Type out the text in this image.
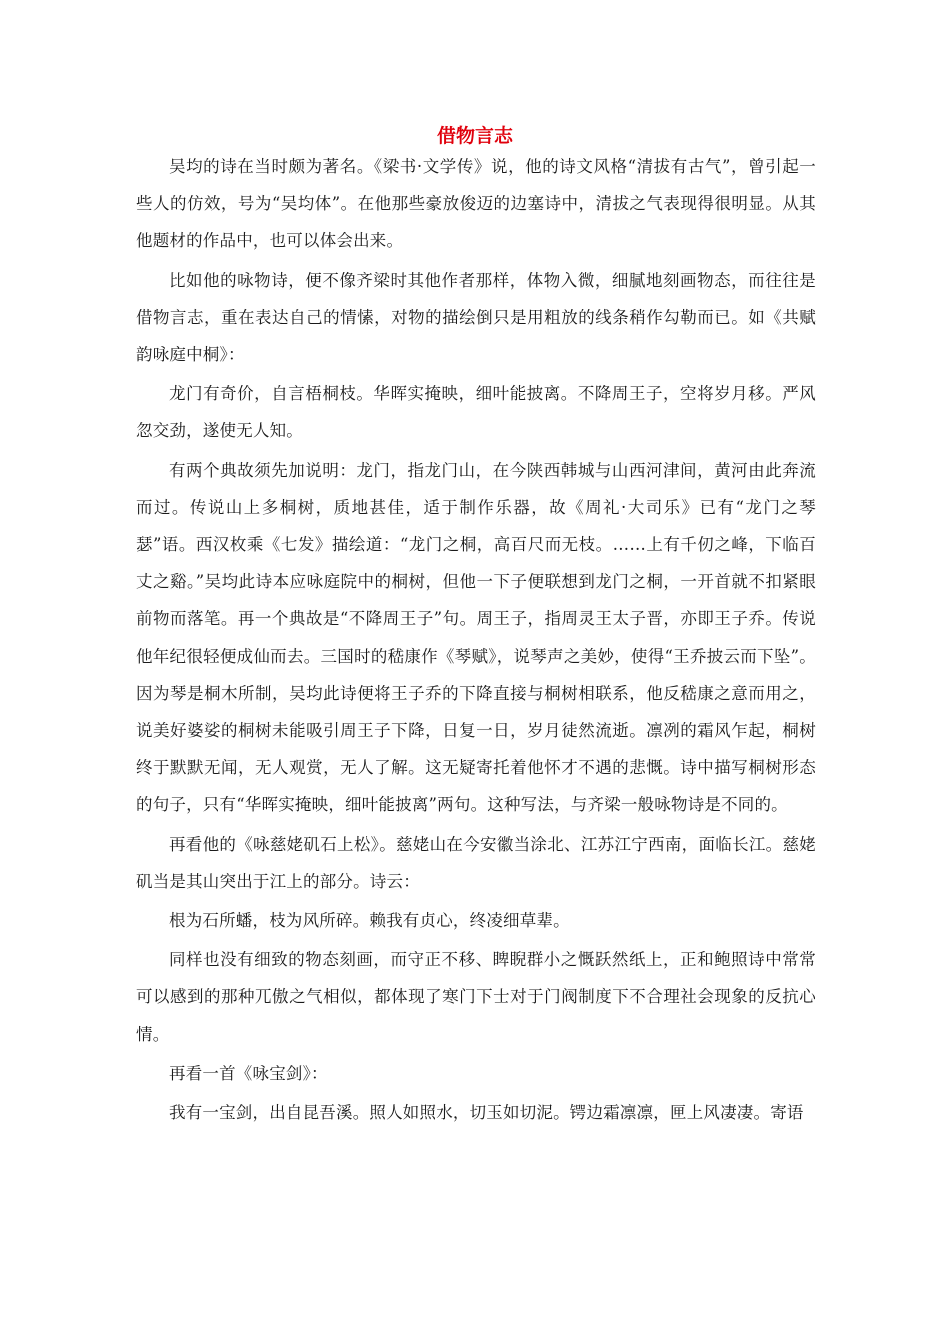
借物言志

吴均的诗在当时颇为著名。《梁书·文学传》说，他的诗文风格“清拔有古气”，曾引起一些人的仿效，号为“吴均体”。在他那些豪放俊迈的边塞诗中，清拔之气表现得很明显。从其他题材的作品中，也可以体会出来。

比如他的咏物诗，便不像齐梁时其他作者那样，体物入微，细腻地刻画物态，而往往是借物言志，重在表达自己的情愫，对物的描绘倒只是用粗放的线条稍作勾勒而已。如《共赋韵咏庭中桐》：

龙门有奇价，自言梧桐枝。华晖实掩映，细叶能披离。不降周王子，空将岁月移。严风忽交劲，遂使无人知。

有两个典故须先加说明：龙门，指龙门山，在今陕西韩城与山西河津间，黄河由此奔流而过。传说山上多桐树，质地甚佳，适于制作乐器，故《周礼·大司乐》已有“龙门之琴瑟”语。西汉枚乘《七发》描绘道：“龙门之桐，高百尺而无枝。……上有千仞之峰，下临百丈之谿。”吴均此诗本应咏庭院中的桐树，但他一下子便联想到龙门之桐，一开首就不扣紧眼前物而落笔。再一个典故是“不降周王子”句。周王子，指周灵王太子晋，亦即王子乔。传说他年纪很轻便成仙而去。三国时的嵇康作《琴赋》，说琴声之美妙，使得“王乔披云而下坠”。因为琴是桐木所制，吴均此诗便将王子乔的下降直接与桐树相联系，他反嵇康之意而用之，说美好婆娑的桐树未能吸引周王子下降，日复一日，岁月徒然流逝。凛冽的霜风乍起，桐树终于默默无闻，无人观赏，无人了解。这无疑寄托着他怀才不遇的悲慨。诗中描写桐树形态的句子，只有“华晖实掩映，细叶能披离”两句。这种写法，与齐梁一般咏物诗是不同的。

再看他的《咏慈姥矶石上松》。慈姥山在今安徽当涂北、江苏江宁西南，面临长江。慈姥矶当是其山突出于江上的部分。诗云：

根为石所蟠，枝为风所碎。赖我有贞心，终凌细草辈。

同样也没有细致的物态刻画，而守正不移、睥睨群小之慨跃然纸上，正和鲍照诗中常常可以感到的那种兀傲之气相似，都体现了寒门下士对于门阀制度下不合理社会现象的反抗心情。

再看一首《咏宝剑》：

我有一宝剑，出自昆吾溪。照人如照水，切玉如切泥。锷边霜凛凛，匣上风凄凄。寄语
